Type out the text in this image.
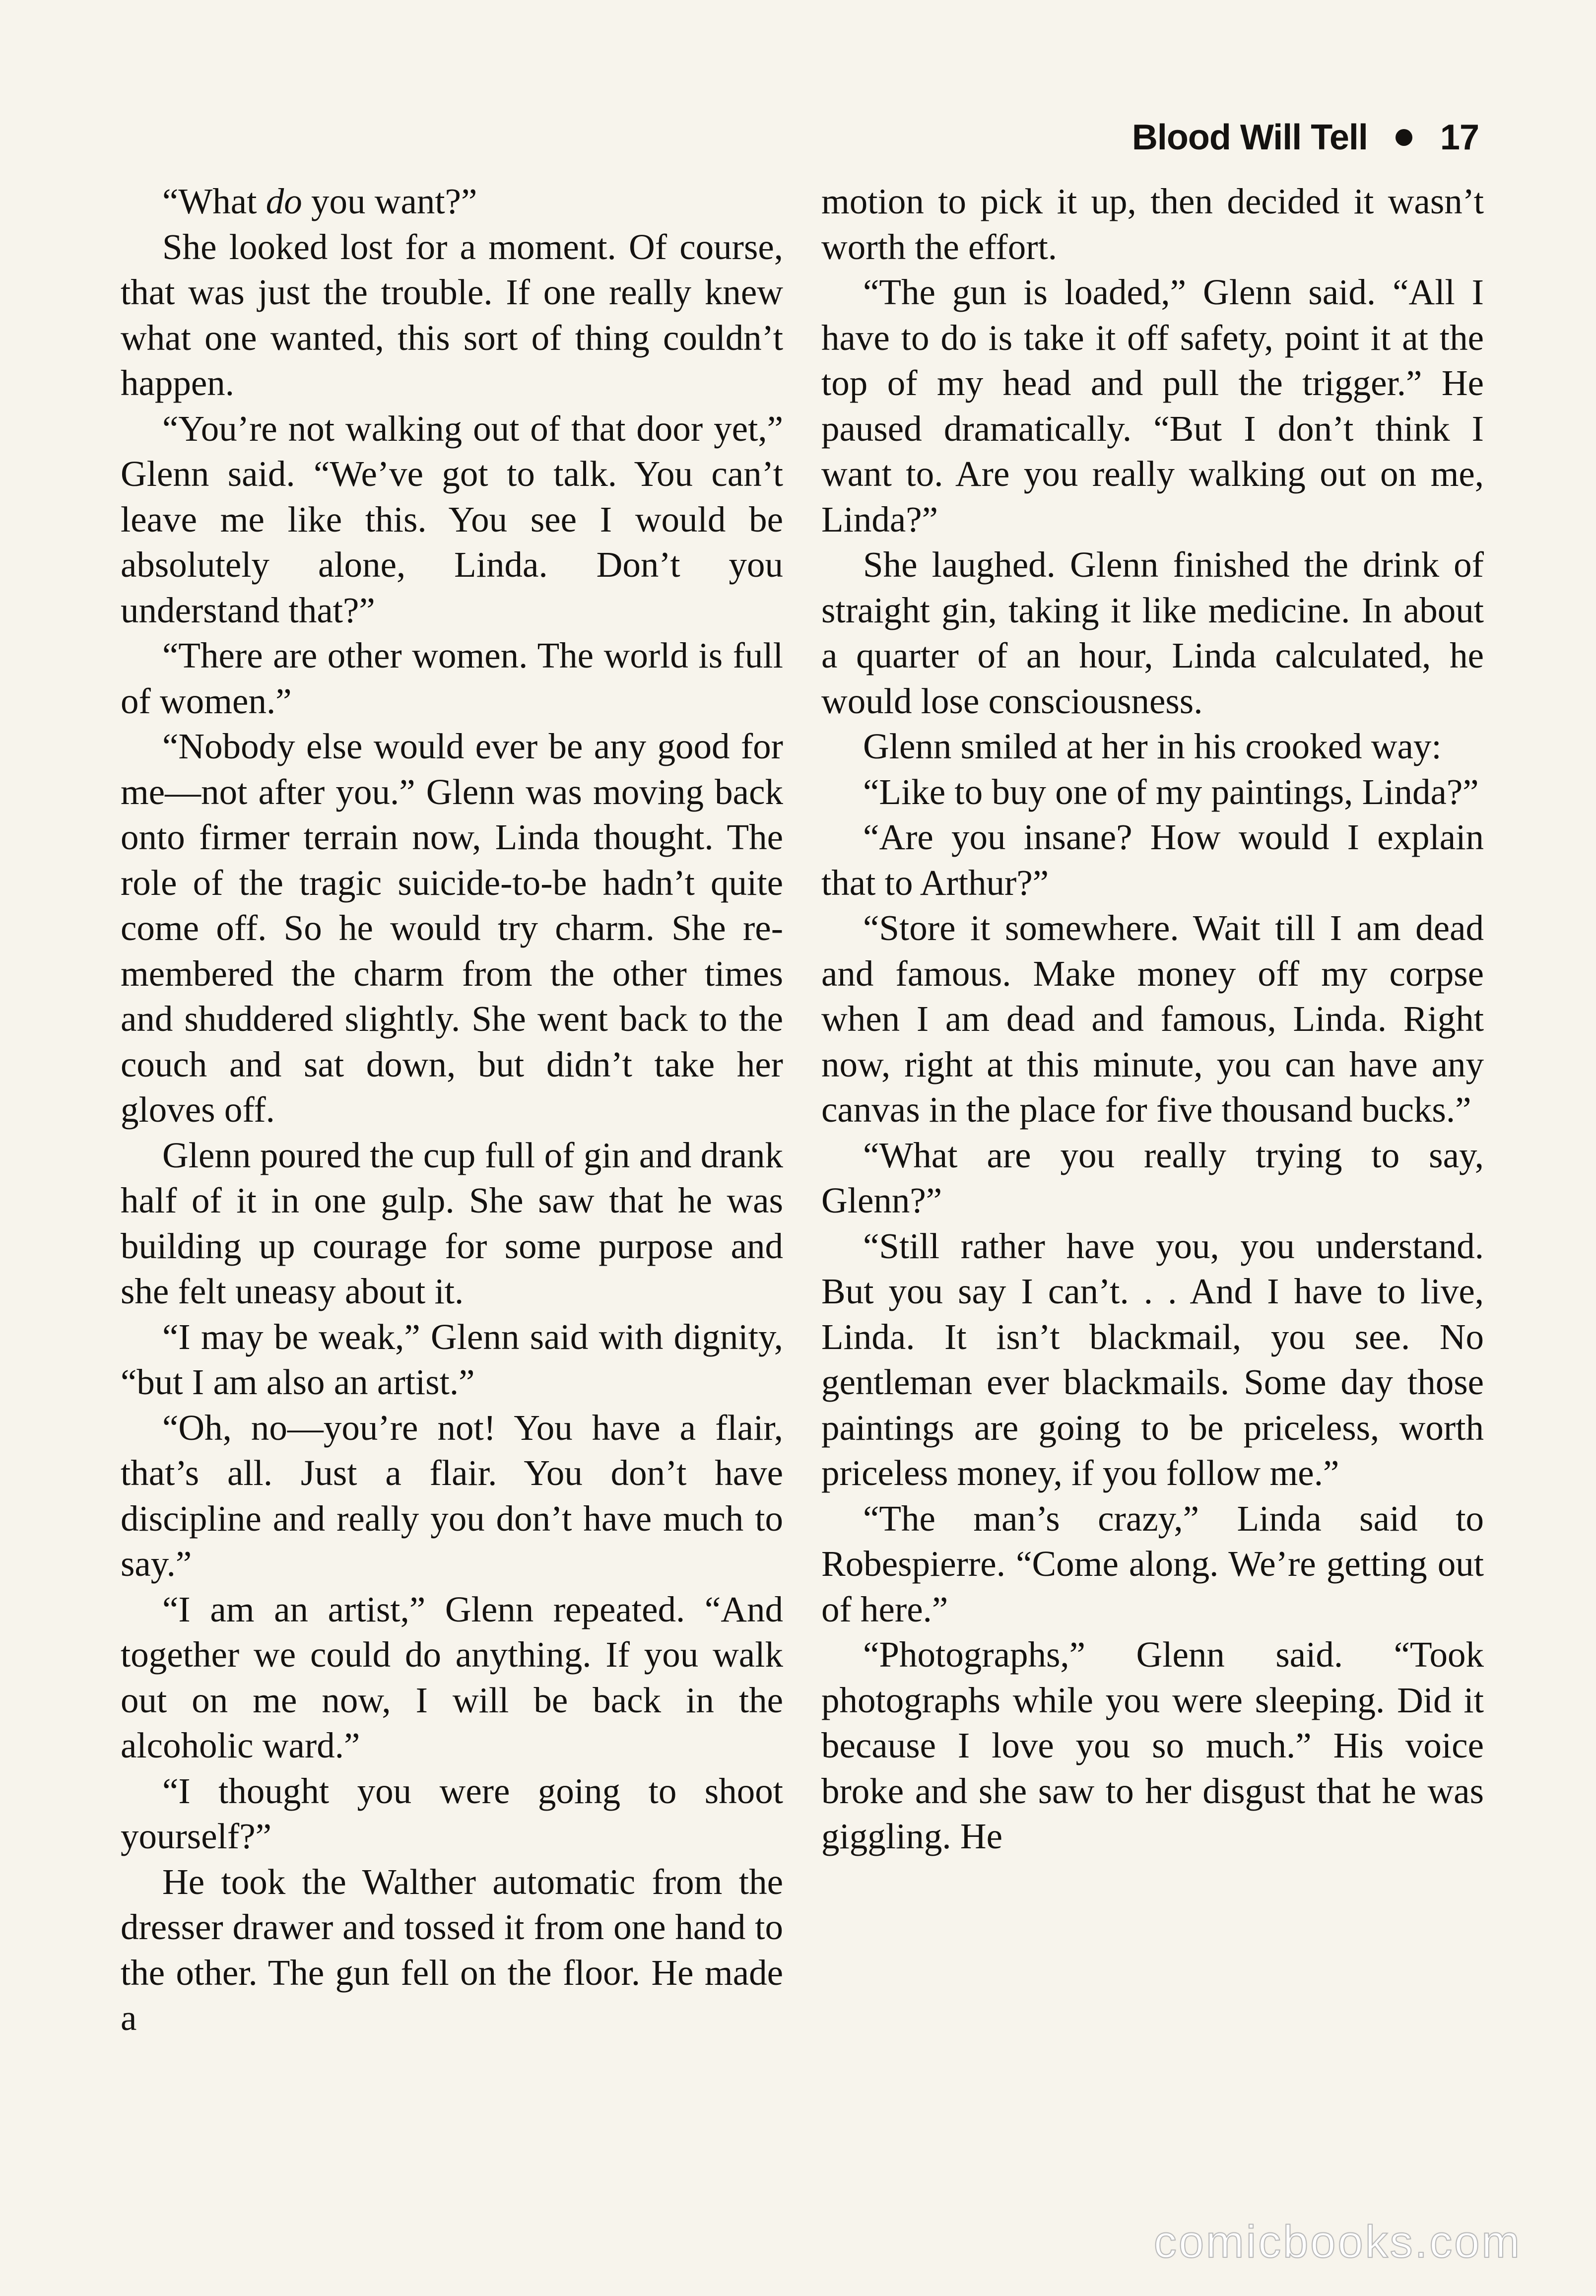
Blood Will Tell 17

“What do you want?”

She looked lost for a moment. Of course, that was just the trouble. If one really knew what one wanted, this sort of thing couldn’t happen.

“You’re not walking out of that door yet,” Glenn said. “We’ve got to talk. You can’t leave me like this. You see I would be absolutely alone, Linda. Don’t you understand that?”

“There are other women. The world is full of women.”

“Nobody else would ever be any good for me—not after you.” Glenn was moving back onto firmer terrain now, Linda thought. The role of the tragic suicide-to-be hadn’t quite come off. So he would try charm. She remembered the charm from the other times and shuddered slightly. She went back to the couch and sat down, but didn’t take her gloves off.

Glenn poured the cup full of gin and drank half of it in one gulp. She saw that he was building up courage for some purpose and she felt uneasy about it.

“I may be weak,” Glenn said with dignity, “but I am also an artist.”

“Oh, no—you’re not! You have a flair, that’s all. Just a flair. You don’t have discipline and really you don’t have much to say.”

“I am an artist,” Glenn repeated. “And together we could do anything. If you walk out on me now, I will be back in the alcoholic ward.”

“I thought you were going to shoot yourself?”

He took the Walther automatic from the dresser drawer and tossed it from one hand to the other. The gun fell on the floor. He made a

motion to pick it up, then decided it wasn’t worth the effort.

“The gun is loaded,” Glenn said. “All I have to do is take it off safety, point it at the top of my head and pull the trigger.” He paused dramatically. “But I don’t think I want to. Are you really walking out on me, Linda?”

She laughed. Glenn finished the drink of straight gin, taking it like medicine. In about a quarter of an hour, Linda calculated, he would lose consciousness.

Glenn smiled at her in his crooked way:

“Like to buy one of my paintings, Linda?”

“Are you insane? How would I explain that to Arthur?”

“Store it somewhere. Wait till I am dead and famous. Make money off my corpse when I am dead and famous, Linda. Right now, right at this minute, you can have any canvas in the place for five thousand bucks.”

“What are you really trying to say, Glenn?”

“Still rather have you, you understand. But you say I can’t. . . And I have to live, Linda. It isn’t blackmail, you see. No gentleman ever blackmails. Some day those paintings are going to be priceless, worth priceless money, if you follow me.”

“The man’s crazy,” Linda said to Robespierre. “Come along. We’re getting out of here.”

“Photographs,” Glenn said. “Took photographs while you were sleeping. Did it because I love you so much.” His voice broke and she saw to her disgust that he was giggling. He

comicbooks.com
